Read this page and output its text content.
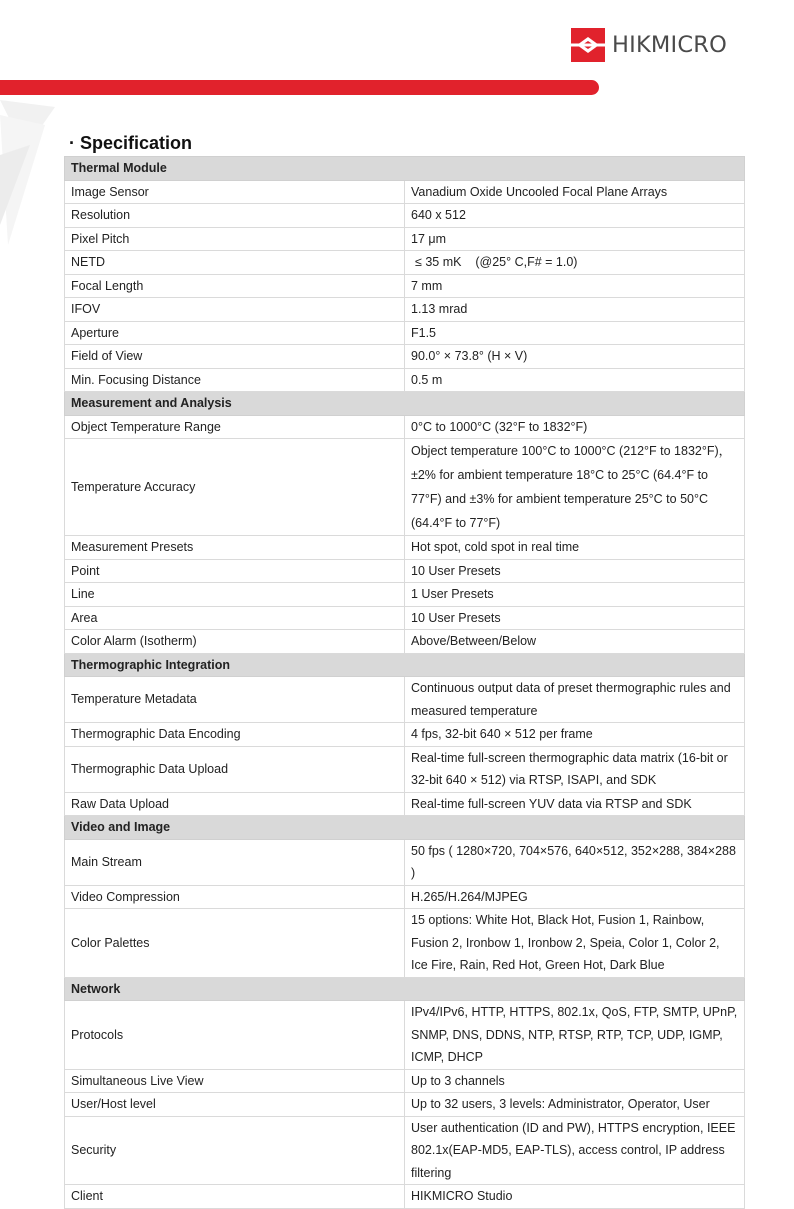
HIKMICRO
· Specification
Thermal Module	
Image Sensor	Vanadium Oxide Uncooled Focal Plane Arrays
Resolution	640 x 512
Pixel Pitch	17 μm
NETD	≤ 35 mK    (@25° C,F# = 1.0)
Focal Length	7 mm
IFOV	1.13 mrad
Aperture	F1.5
Field of View	90.0° × 73.8° (H × V)
Min. Focusing Distance	0.5 m
Measurement and Analysis	
Object Temperature Range	0°C to 1000°C (32°F to 1832°F)
Temperature Accuracy	Object temperature 100°C to 1000°C (212°F to 1832°F)， ±2% for ambient temperature 18°C to 25°C (64.4°F to 77°F) and ±3% for ambient temperature 25°C to 50°C (64.4°F to 77°F)
Measurement Presets	Hot spot, cold spot in real time
Point	10 User Presets
Line	1 User Presets
Area	10 User Presets
Color Alarm (Isotherm)	Above/Between/Below
Thermographic Integration	
Temperature Metadata	Continuous output data of preset thermographic rules and measured temperature
Thermographic Data Encoding	4 fps, 32-bit 640 × 512 per frame
Thermographic Data Upload	Real-time full-screen thermographic data matrix (16-bit or 32-bit 640 × 512) via RTSP, ISAPI, and SDK
Raw Data Upload	Real-time full-screen YUV data via RTSP and SDK
Video and Image	
Main Stream	50 fps ( 1280×720, 704×576, 640×512, 352×288, 384×288 )
Video Compression	H.265/H.264/MJPEG
Color Palettes	15 options: White Hot, Black Hot, Fusion 1, Rainbow, Fusion 2, Ironbow 1, Ironbow 2, Speia, Color 1, Color 2, Ice Fire, Rain, Red Hot, Green Hot, Dark Blue
Network	
Protocols	IPv4/IPv6, HTTP, HTTPS, 802.1x, QoS, FTP, SMTP, UPnP, SNMP, DNS, DDNS, NTP, RTSP, RTP, TCP, UDP, IGMP, ICMP, DHCP
Simultaneous Live View	Up to 3 channels
User/Host level	Up to 32 users, 3 levels: Administrator, Operator, User
Security	User authentication (ID and PW), HTTPS encryption, IEEE 802.1x(EAP-MD5, EAP-TLS), access control, IP address filtering
Client	HIKMICRO Studio
